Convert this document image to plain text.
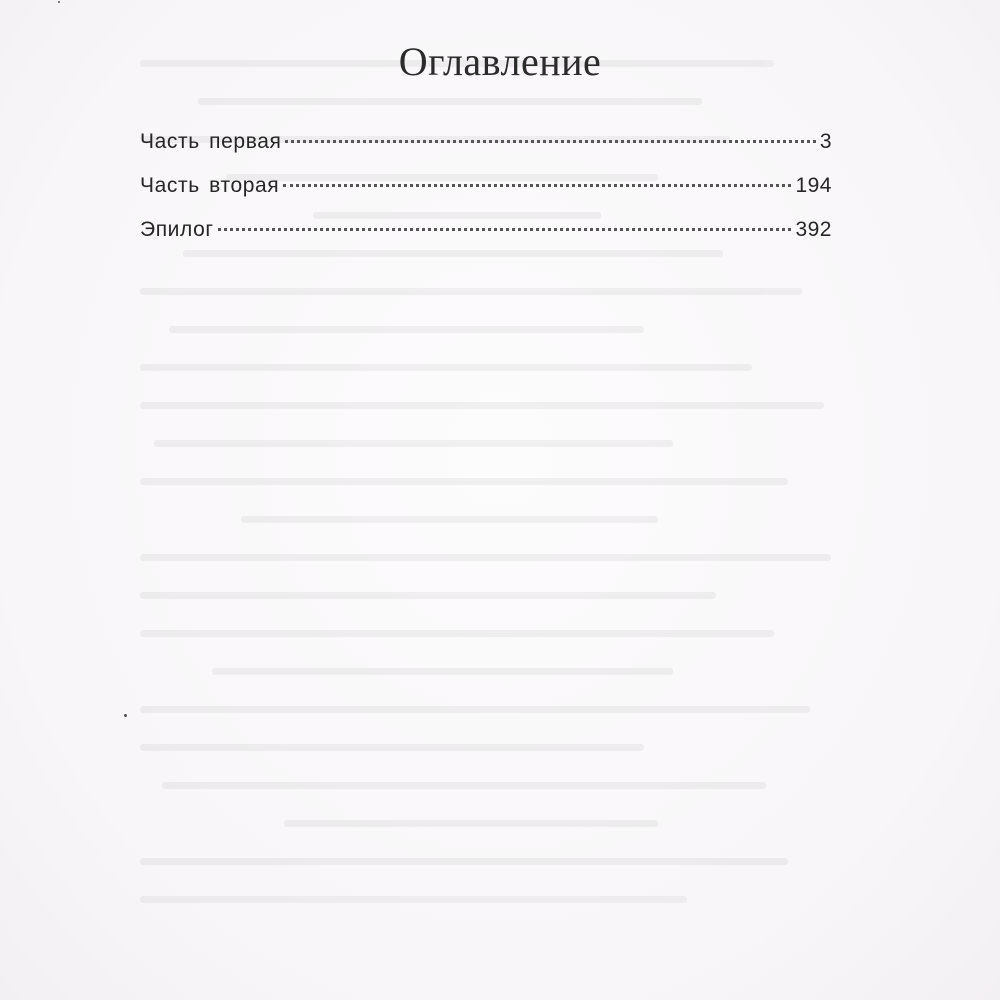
Оглавление
Часть первая	3
Часть вторая	194
Эпилог	392
